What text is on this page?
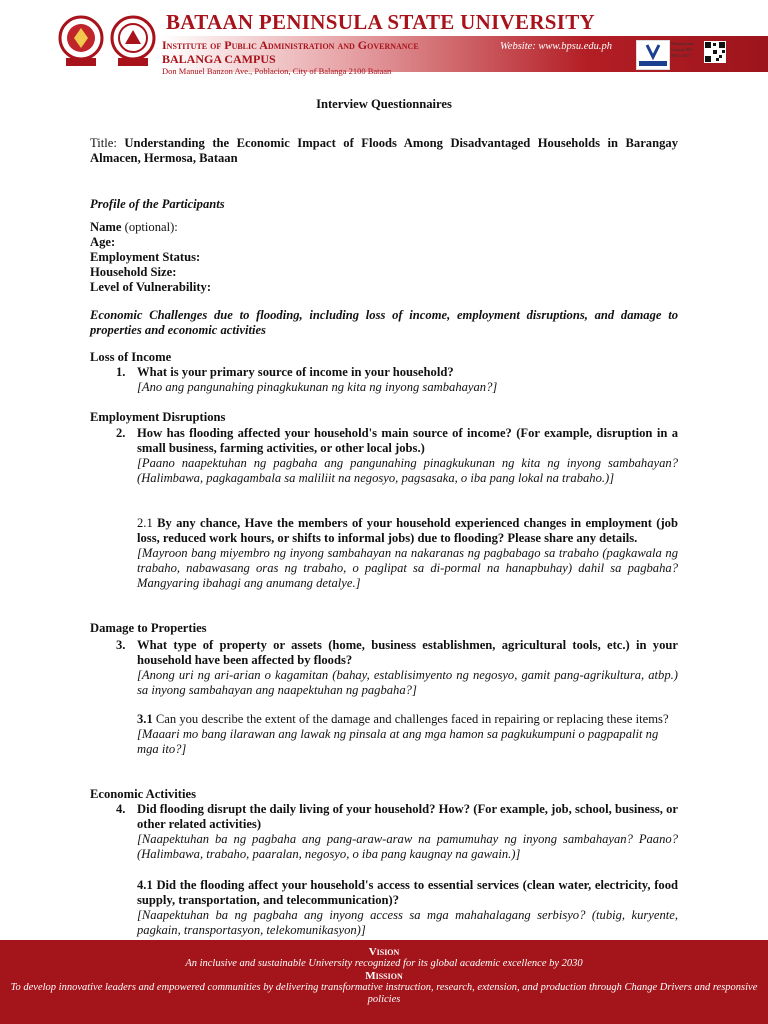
BATAAN PENINSULA STATE UNIVERSITY
Institute of Public Administration and Governance
BALANGA CAMPUS
Don Manuel Banzon Ave., Poblacion, City of Balanga 2100 Bataan
Website: www.bpsu.edu.ph	Management System ISO 9001:2015
Interview Questionnaires
Title: Understanding the Economic Impact of Floods Among Disadvantaged Households in Barangay Almacen, Hermosa, Bataan
Profile of the Participants
Name (optional):
Age:
Employment Status:
Household Size:
Level of Vulnerability:
Economic Challenges due to flooding, including loss of income, employment disruptions, and damage to properties and economic activities
Loss of Income
1. What is your primary source of income in your household?
[Ano ang pangunahing pinagkukunan ng kita ng inyong sambahayan?]
Employment Disruptions
2. How has flooding affected your household's main source of income? (For example, disruption in a small business, farming activities, or other local jobs.)
[Paano naapektuhan ng pagbaha ang pangunahing pinagkukunan ng kita ng inyong sambahayan? (Halimbawa, pagkagambala sa maliliit na negosyo, pagsasaka, o iba pang lokal na trabaho.)]
2.1 By any chance, Have the members of your household experienced changes in employment (job loss, reduced work hours, or shifts to informal jobs) due to flooding? Please share any details.
[Mayroon bang miyembro ng inyong sambahayan na nakaranas ng pagbabago sa trabaho (pagkawala ng trabaho, nabawasang oras ng trabaho, o paglipat sa di-pormal na hanapbuhay) dahil sa pagbaha? Mangyaring ibahagi ang anumang detalye.]
Damage to Properties
3. What type of property or assets (home, business establishmen, agricultural tools, etc.) in your household have been affected by floods?
[Anong uri ng ari-arian o kagamitan (bahay, establisimyento ng negosyo, gamit pang-agrikultura, atbp.) sa inyong sambahayan ang naapektuhan ng pagbaha?]
3.1 Can you describe the extent of the damage and challenges faced in repairing or replacing these items?
[Maaari mo bang ilarawan ang lawak ng pinsala at ang mga hamon sa pagkukumpuni o pagpapalit ng mga ito?]
Economic Activities
4. Did flooding disrupt the daily living of your household? How? (For example, job, school, business, or other related activities)
[Naapektuhan ba ng pagbaha ang pang-araw-araw na pamumuhay ng inyong sambahayan? Paano? (Halimbawa, trabaho, paaralan, negosyo, o iba pang kaugnay na gawain.)]
4.1 Did the flooding affect your household's access to essential services (clean water, electricity, food supply, transportation, and telecommunication)?
[Naapektuhan ba ng pagbaha ang inyong access sa mga mahahalagang serbisyo? (tubig, kuryente, pagkain, transportasyon, telekomunikasyon)]
Vision
An inclusive and sustainable University recognized for its global academic excellence by 2030
Mission
To develop innovative leaders and empowered communities by delivering transformative instruction, research, extension, and production through Change Drivers and responsive policies
